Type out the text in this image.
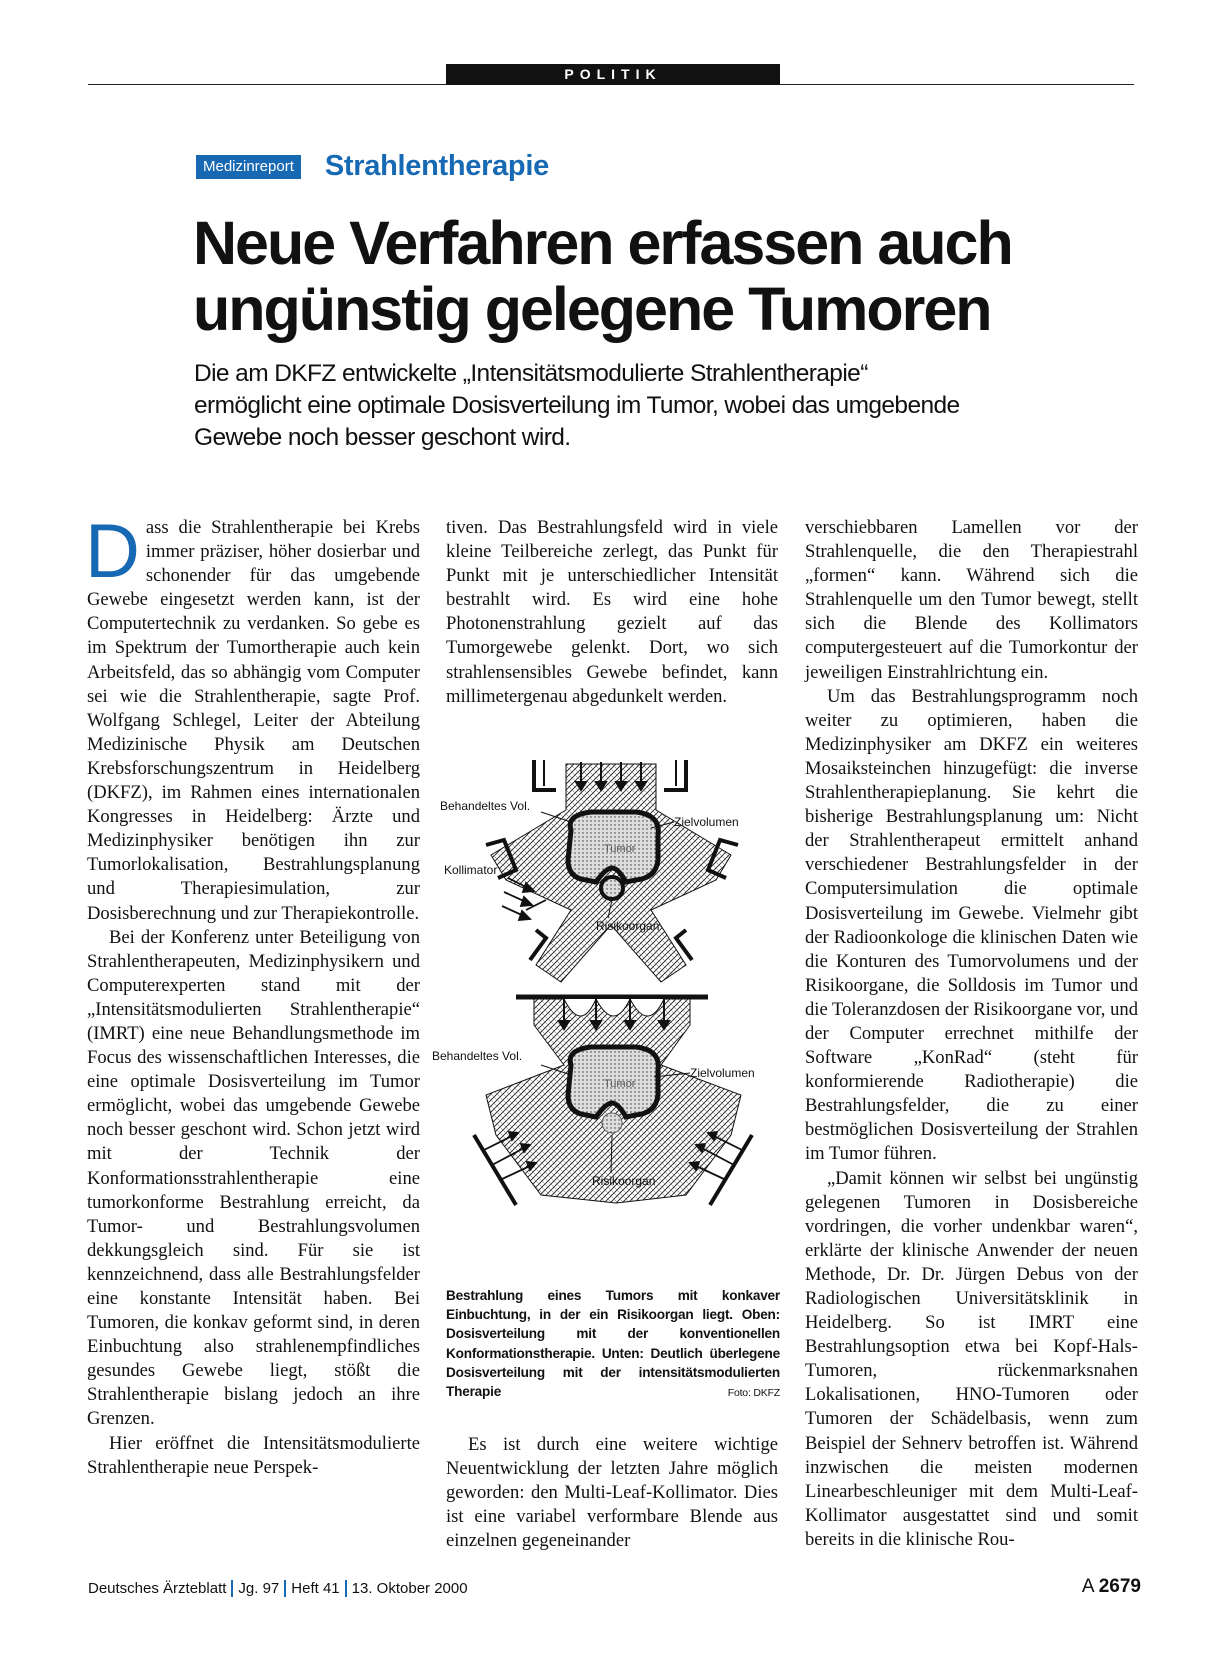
POLITIK
Medizinreport Strahlentherapie
Neue Verfahren erfassen auch
ungünstig gelegene Tumoren
Die am DKFZ entwickelte „Intensitätsmodulierte Strahlentherapie“
ermöglicht eine optimale Dosisverteilung im Tumor, wobei das umgebende
Gewebe noch besser geschont wird.

Dass die Strahlentherapie bei Krebs immer präziser, höher dosierbar und schonender für das umgebende Gewebe eingesetzt werden kann, ist der Computertechnik zu verdanken. So gebe es im Spektrum der Tumortherapie auch kein Arbeitsfeld, das so abhängig vom Computer sei wie die Strahlentherapie, sagte Prof. Wolfgang Schlegel, Leiter der Abteilung Medizinische Physik am Deutschen Krebsforschungszentrum in Heidelberg (DKFZ), im Rahmen eines internationalen Kongresses in Heidelberg: Ärzte und Medizinphysiker benötigen ihn zur Tumorlokalisation, Bestrahlungsplanung und Therapiesimulation, zur Dosisberechnung und zur Therapiekontrolle.

Bei der Konferenz unter Beteiligung von Strahlentherapeuten, Medizinphysikern und Computerexperten stand mit der „Intensitätsmodulierten Strahlentherapie“ (IMRT) eine neue Behandlungsmethode im Focus des wissenschaftlichen Interesses, die eine optimale Dosisverteilung im Tumor ermöglicht, wobei das umgebende Gewebe noch besser geschont wird. Schon jetzt wird mit der Technik der Konformationsstrahlentherapie eine tumorkonforme Bestrahlung erreicht, da Tumor- und Bestrahlungsvolumen dekkungsgleich sind. Für sie ist kennzeichnend, dass alle Bestrahlungsfelder eine konstante Intensität haben. Bei Tumoren, die konkav geformt sind, in deren Einbuchtung also strahlenempfindliches gesundes Gewebe liegt, stößt die Strahlentherapie bislang jedoch an ihre Grenzen.

Hier eröffnet die Intensitätsmodulierte Strahlentherapie neue Perspek-

tiven. Das Bestrahlungsfeld wird in viele kleine Teilbereiche zerlegt, das Punkt für Punkt mit je unterschiedlicher Intensität bestrahlt wird. Es wird eine hohe Photonenstrahlung gezielt auf das Tumorgewebe gelenkt. Dort, wo sich strahlensensibles Gewebe befindet, kann millimetergenau abgedunkelt werden.

Tumor
Behandeltes Vol.
Zielvolumen
Kollimator
Risikoorgan
Tumor
Behandeltes Vol.
Zielvolumen
Risikoorgan
Bestrahlung eines Tumors mit konkaver Einbuchtung, in der ein Risikoorgan liegt. Oben: Dosisverteilung mit der konventionellen Konformationstherapie. Unten: Deutlich überlegene Dosisverteilung mit der intensitätsmodulierten Therapie	Foto: DKFZ

Es ist durch eine weitere wichtige Neuentwicklung der letzten Jahre möglich geworden: den Multi-Leaf-Kollimator. Dies ist eine variabel verformbare Blende aus einzelnen gegeneinander

verschiebbaren Lamellen vor der Strahlenquelle, die den Therapiestrahl „formen“ kann. Während sich die Strahlenquelle um den Tumor bewegt, stellt sich die Blende des Kollimators computergesteuert auf die Tumorkontur der jeweiligen Einstrahlrichtung ein.

Um das Bestrahlungsprogramm noch weiter zu optimieren, haben die Medizinphysiker am DKFZ ein weiteres Mosaiksteinchen hinzugefügt: die inverse Strahlentherapieplanung. Sie kehrt die bisherige Bestrahlungsplanung um: Nicht der Strahlentherapeut ermittelt anhand verschiedener Bestrahlungsfelder in der Computersimulation die optimale Dosisverteilung im Gewebe. Vielmehr gibt der Radioonkologe die klinischen Daten wie die Konturen des Tumorvolumens und der Risikoorgane, die Solldosis im Tumor und die Toleranzdosen der Risikoorgane vor, und der Computer errechnet mithilfe der Software „KonRad“ (steht für konformierende Radiotherapie) die Bestrahlungsfelder, die zu einer bestmöglichen Dosisverteilung der Strahlen im Tumor führen.

„Damit können wir selbst bei ungünstig gelegenen Tumoren in Dosisbereiche vordringen, die vorher undenkbar waren“, erklärte der klinische Anwender der neuen Methode, Dr. Dr. Jürgen Debus von der Radiologischen Universitätsklinik in Heidelberg. So ist IMRT eine Bestrahlungsoption etwa bei Kopf-Hals-Tumoren, rückenmarksnahen Lokalisationen, HNO-Tumoren oder Tumoren der Schädelbasis, wenn zum Beispiel der Sehnerv betroffen ist. Während inzwischen die meisten modernen Linearbeschleuniger mit dem Multi-Leaf-Kollimator ausgestattet sind und somit bereits in die klinische Rou-

Deutsches Ärzteblatt Jg. 97 Heft 41 13. Oktober 2000	A 2679
